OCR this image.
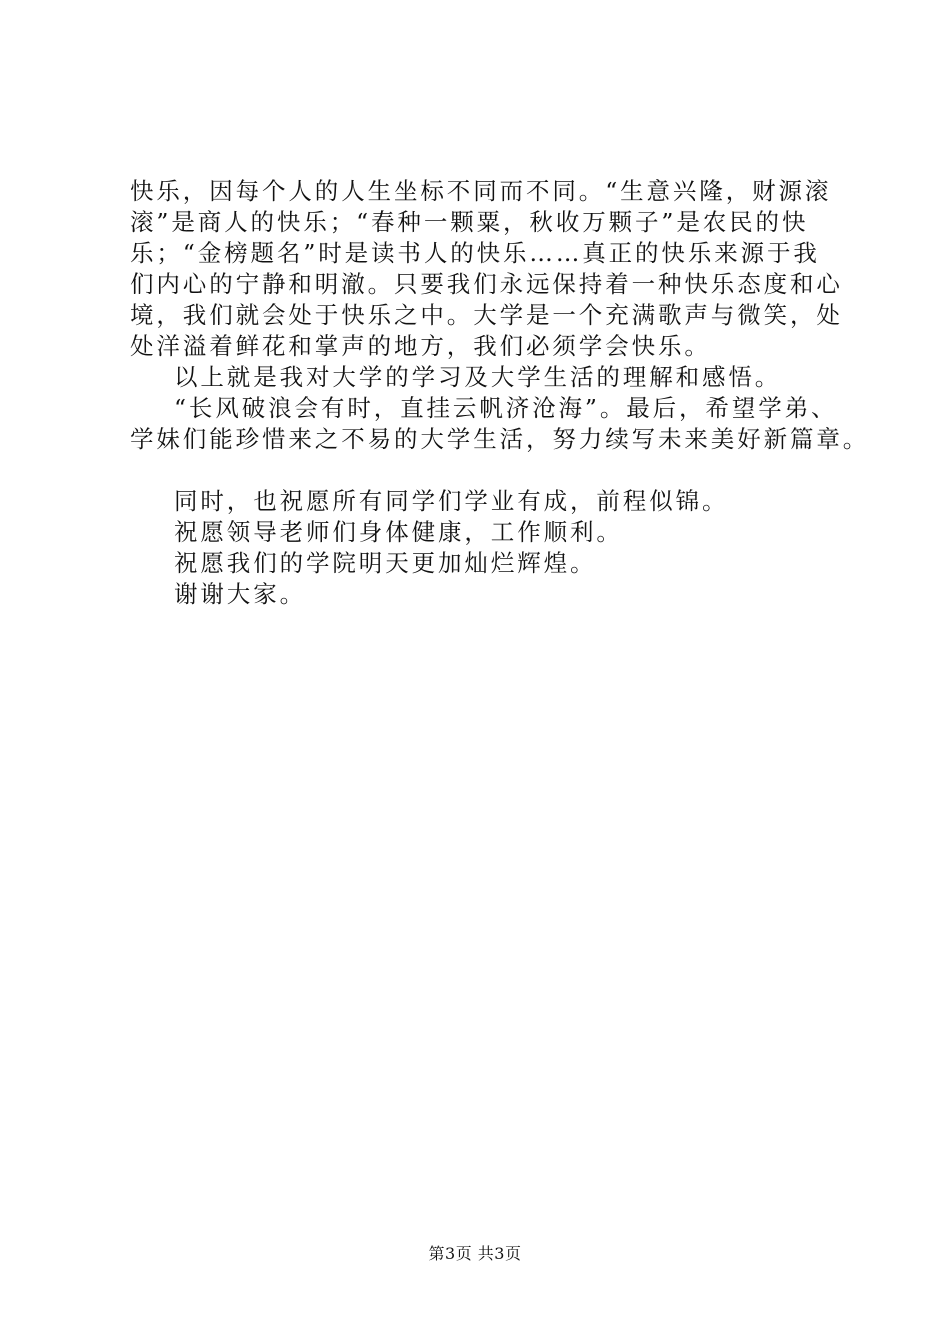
快乐，因每个人的人生坐标不同而不同。“生意兴隆，财源滚
滚”是商人的快乐；“春种一颗粟，秋收万颗子”是农民的快
乐；“金榜题名”时是读书人的快乐……真正的快乐来源于我
们内心的宁静和明澈。只要我们永远保持着一种快乐态度和心
境，我们就会处于快乐之中。大学是一个充满歌声与微笑，处
处洋溢着鲜花和掌声的地方，我们必须学会快乐。
以上就是我对大学的学习及大学生活的理解和感悟。
“长风破浪会有时，直挂云帆济沧海”。最后，希望学弟、
学妹们能珍惜来之不易的大学生活，努力续写未来美好新篇章。
同时，也祝愿所有同学们学业有成，前程似锦。
祝愿领导老师们身体健康，工作顺利。
祝愿我们的学院明天更加灿烂辉煌。
谢谢大家。
第3页 共3页
